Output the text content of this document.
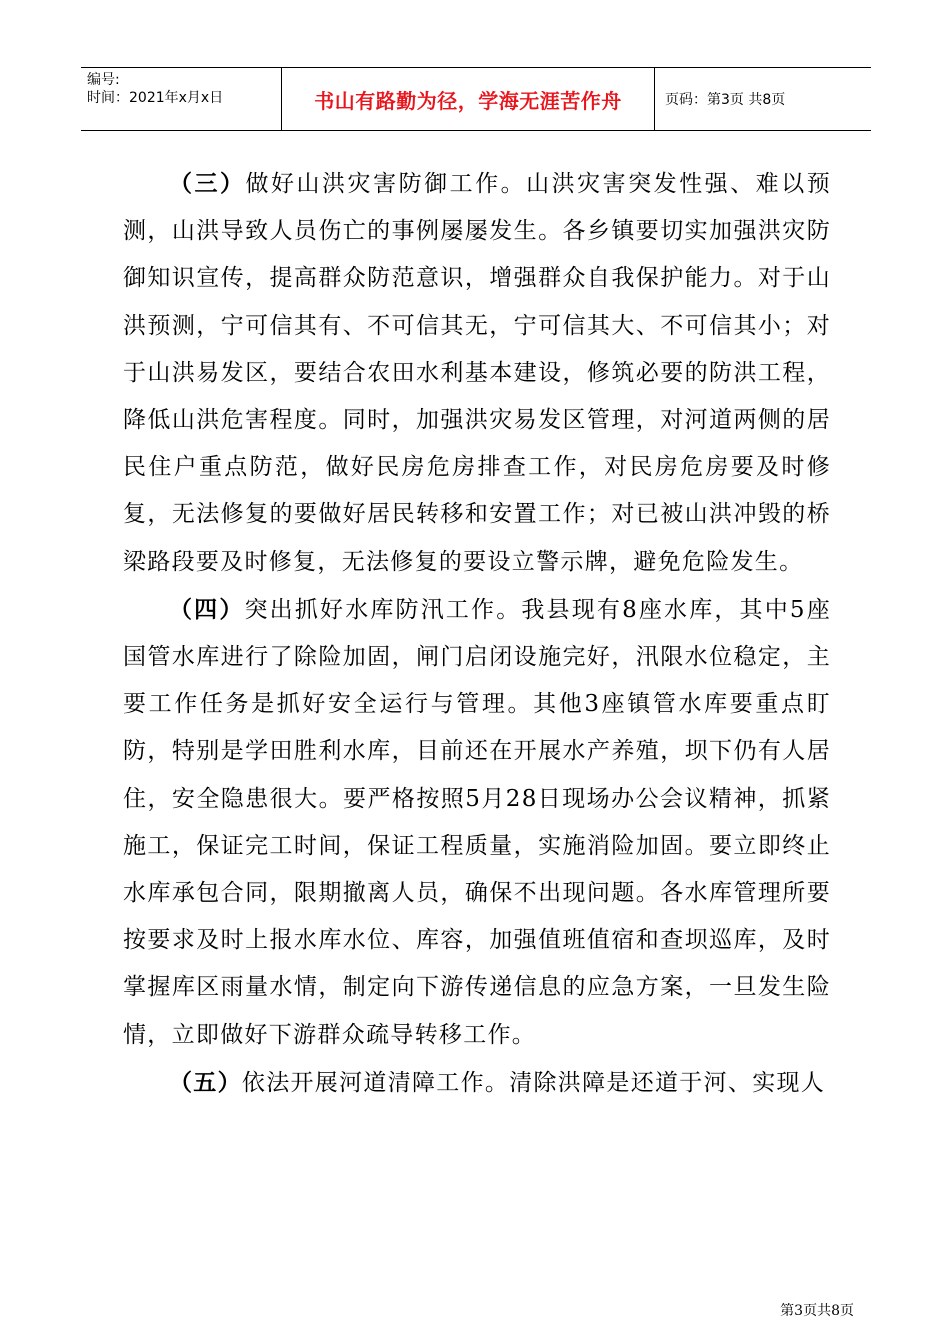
编号:
时间：2021年x月x日	书山有路勤为径，学海无涯苦作舟	页码：第3页 共8页

（三）做好山洪灾害防御工作。山洪灾害突发性强、难以预测，山洪导致人员伤亡的事例屡屡发生。各乡镇要切实加强洪灾防御知识宣传，提高群众防范意识，增强群众自我保护能力。对于山洪预测，宁可信其有、不可信其无，宁可信其大、不可信其小；对于山洪易发区，要结合农田水利基本建设，修筑必要的防洪工程，降低山洪危害程度。同时，加强洪灾易发区管理，对河道两侧的居民住户重点防范，做好民房危房排查工作，对民房危房要及时修复，无法修复的要做好居民转移和安置工作；对已被山洪冲毁的桥梁路段要及时修复，无法修复的要设立警示牌，避免危险发生。

（四）突出抓好水库防汛工作。我县现有8座水库，其中5座国管水库进行了除险加固，闸门启闭设施完好，汛限水位稳定，主要工作任务是抓好安全运行与管理。其他3座镇管水库要重点盯防，特别是学田胜利水库，目前还在开展水产养殖，坝下仍有人居住，安全隐患很大。要严格按照5月28日现场办公会议精神，抓紧施工，保证完工时间，保证工程质量，实施消险加固。要立即终止水库承包合同，限期撤离人员，确保不出现问题。各水库管理所要按要求及时上报水库水位、库容，加强值班值宿和查坝巡库，及时掌握库区雨量水情，制定向下游传递信息的应急方案，一旦发生险情，立即做好下游群众疏导转移工作。

（五）依法开展河道清障工作。清除洪障是还道于河、实现人

第3页共8页
